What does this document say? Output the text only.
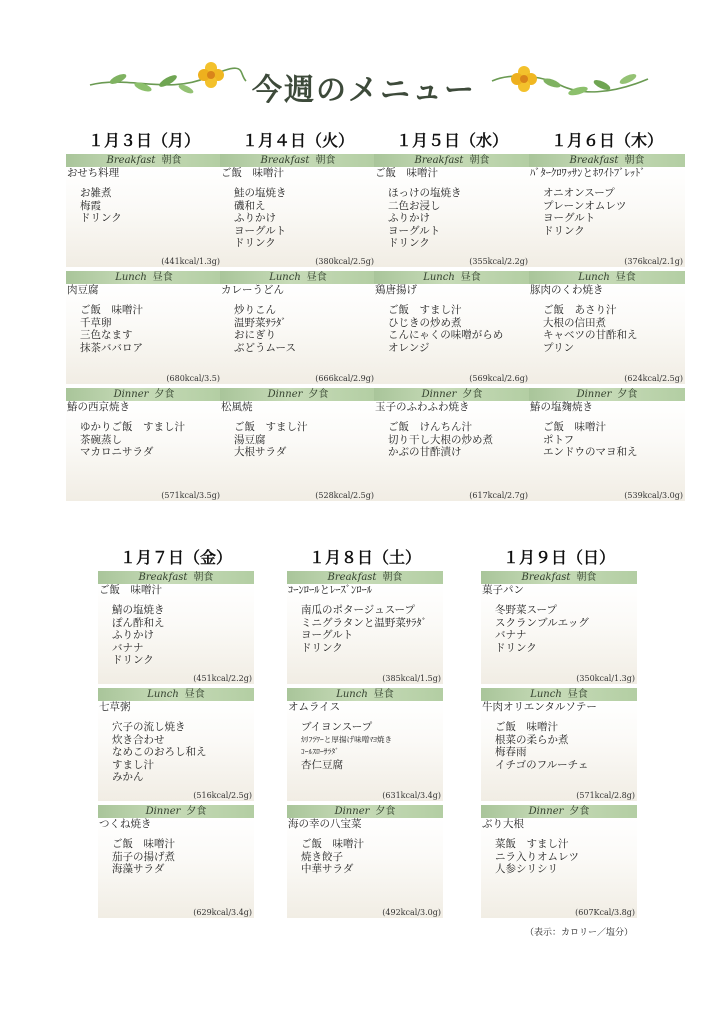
今週のメニュー
１月３日（月）
Breakfast 朝食
おせち料理
お雑煮
梅霞
ドリンク
(441kcal/1.3g)
Lunch 昼食
肉豆腐
ご飯　味噌汁
千草卵
三色なます
抹茶ババロア
(680kcal/3.5)
Dinner 夕食
鰆の西京焼き
ゆかりご飯　すまし汁
茶碗蒸し
マカロニサラダ
(571kcal/3.5g)
１月４日（火）
Breakfast 朝食
ご飯　味噌汁
鮭の塩焼き
磯和え
ふりかけ
ヨーグルト
ドリンク
(380kcal/2.5g)
Lunch 昼食
カレーうどん
炒りこん
温野菜ｻﾗﾀﾞ
おにぎり
ぶどうムース
(666kcal/2.9g)
Dinner 夕食
松風焼
ご飯　すまし汁
湯豆腐
大根サラダ
(528kcal/2.5g)
１月５日（水）
Breakfast 朝食
ご飯　味噌汁
ほっけの塩焼き
二色お浸し
ふりかけ
ヨーグルト
ドリンク
(355kcal/2.2g)
Lunch 昼食
鶏唐揚げ
ご飯　すまし汁
ひじきの炒め煮
こんにゃくの味噌がらめ
オレンジ
(569kcal/2.6g)
Dinner 夕食
玉子のふわふわ焼き
ご飯　けんちん汁
切り干し大根の炒め煮
かぶの甘酢漬け
(617kcal/2.7g)
１月６日（木）
Breakfast 朝食
ﾊﾞﾀｰｸﾛﾜｯｻﾝとﾎﾜｲﾄﾌﾞﾚｯﾄﾞ
オニオンスープ
プレーンオムレツ
ヨーグルト
ドリンク
(376kcal/2.1g)
Lunch 昼食
豚肉のくわ焼き
ご飯　あさり汁
大根の信田煮
キャベツの甘酢和え
プリン
(624kcal/2.5g)
Dinner 夕食
鰆の塩麹焼き
ご飯　味噌汁
ポトフ
エンドウのマヨ和え
(539kcal/3.0g)
１月７日（金）
Breakfast 朝食
ご飯　味噌汁
鯖の塩焼き
ぽん酢和え
ふりかけ
バナナ
ドリンク
(451kcal/2.2g)
Lunch 昼食
七草粥
穴子の流し焼き
炊き合わせ
なめこのおろし和え
すまし汁
みかん
(516kcal/2.5g)
Dinner 夕食
つくね焼き
ご飯　味噌汁
茄子の揚げ煮
海藻サラダ
(629kcal/3.4g)
１月８日（土）
Breakfast 朝食
ｺｰﾝﾛｰﾙとﾚｰｽﾞﾝﾛｰﾙ
南瓜のポタージュスープ
ミニグラタンと温野菜ｻﾗﾀﾞ
ヨーグルト
ドリンク
(385kcal/1.5g)
Lunch 昼食
オムライス
ブイヨンスープ
ｶﾘﾌﾗﾜｰと厚揚げ味噌ﾏﾖ焼き
ｺｰﾙｽﾛｰｻﾗﾀﾞ
杏仁豆腐
(631kcal/3.4g)
Dinner 夕食
海の幸の八宝菜
ご飯　味噌汁
焼き餃子
中華サラダ
(492kcal/3.0g)
１月９日（日）
Breakfast 朝食
菓子パン
冬野菜スープ
スクランブルエッグ
バナナ
ドリンク
(350kcal/1.3g)
Lunch 昼食
牛肉オリエンタルソテー
ご飯　味噌汁
根菜の柔らか煮
梅春雨
イチゴのフルーチェ
(571kcal/2.8g)
Dinner 夕食
ぶり大根
菜飯　すまし汁
ニラ入りオムレツ
人参シリシリ
(607Kcal/3.8g)
（表示：カロリー／塩分）
